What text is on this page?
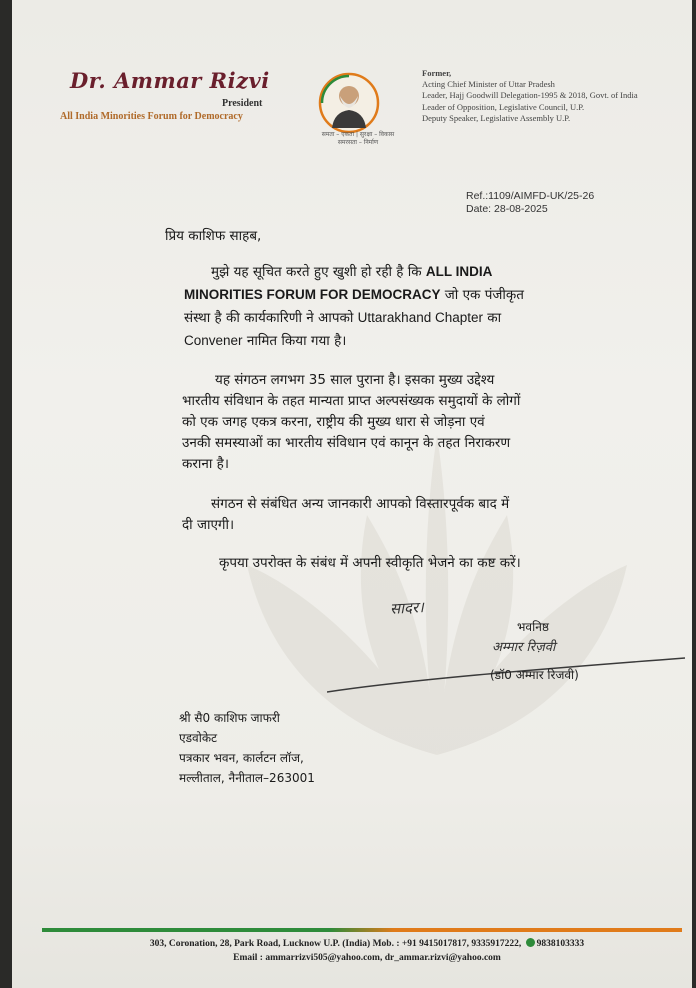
Dr. Ammar Rizvi
President
All India Minorities Forum for Democracy
समता – एकता | सुरक्षा – विकास
समरसता – निर्माण
Former,
Acting Chief Minister of Uttar Pradesh
Leader, Hajj Goodwill Delegation-1995 & 2018, Govt. of India
Leader of Opposition, Legislative Council, U.P.
Deputy Speaker, Legislative Assembly U.P.
Ref.:1109/AIMFD-UK/25-26
Date: 28-08-2025
प्रिय काशिफ साहब,
मुझे यह सूचित करते हुए खुशी हो रही है कि ALL INDIA
MINORITIES FORUM FOR DEMOCRACY जो एक पंजीकृत
संस्था है की कार्यकारिणी ने आपको Uttarakhand Chapter का
Convener नामित किया गया है।
यह संगठन लगभग 35 साल पुराना है। इसका मुख्य उद्देश्य
भारतीय संविधान के तहत मान्यता प्राप्त अल्पसंख्यक समुदायों के लोगों
को एक जगह एकत्र करना, राष्ट्रीय की मुख्य धारा से जोड़ना एवं
उनकी समस्याओं का भारतीय संविधान एवं कानून के तहत निराकरण
कराना है।
संगठन से संबंधित अन्य जानकारी आपको विस्तारपूर्वक बाद में
दी जाएगी।
कृपया उपरोक्त के संबंध में अपनी स्वीकृति भेजने का कष्ट करें।
सादर।
भवनिष्ठ
अम्मार रिज़वी
(डॉ0 अम्मार रिजवी)
श्री सै0 काशिफ जाफरी
एडवोकेट
पत्रकार भवन, कार्लटन लॉज,
मल्लीताल, नैनीताल–263001
303, Coronation, 28, Park Road, Lucknow U.P. (India) Mob. : +91 9415017817, 9335917222, 9838103333
Email : ammarrizvi505@yahoo.com, dr_ammar.rizvi@yahoo.com
